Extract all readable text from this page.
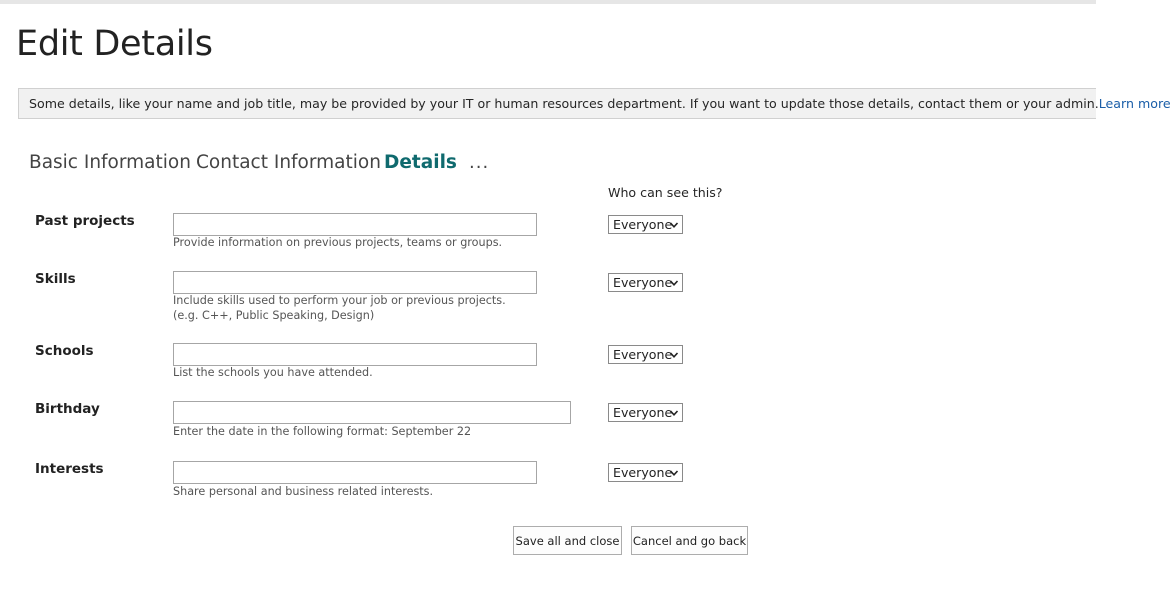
Edit Details
Some details, like your name and job title, may be provided by your IT or human resources department. If you want to update those details, contact them or your admin.Learn more
Basic Information Contact Information Details ...
Who can see this?
Past projects
Provide information on previous projects, teams or groups.
Everyone
Skills
Include skills used to perform your job or previous projects.
(e.g. C++, Public Speaking, Design)
Everyone
Schools
List the schools you have attended.
Everyone
Birthday
Enter the date in the following format: September 22
Everyone
Interests
Share personal and business related interests.
Everyone
Save all and close Cancel and go back
